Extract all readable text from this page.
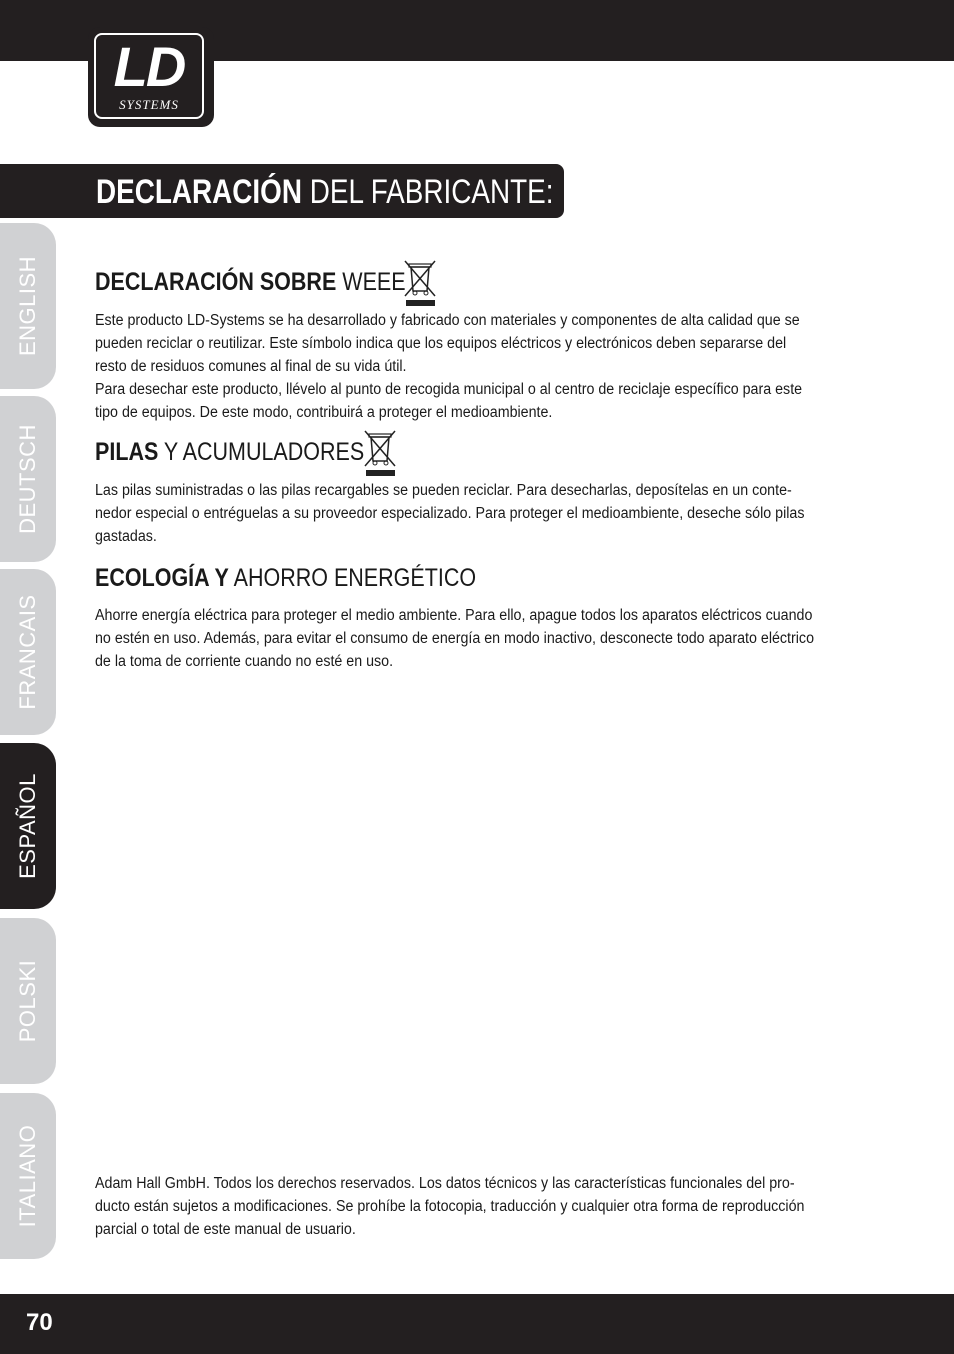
LD
SYSTEMS
DECLARACIÓN DEL FABRICANTE:
ENGLISH
DEUTSCH
FRANCAIS
ESPAÑOL
POLSKI
ITALIANO
DECLARACIÓN SOBRE WEEE

Este producto LD-Systems se ha desarrollado y fabricado con materiales y componentes de alta calidad que se

pueden reciclar o reutilizar. Este símbolo indica que los equipos eléctricos y electrónicos deben separarse del

resto de residuos comunes al final de su vida útil.

Para desechar este producto, llévelo al punto de recogida municipal o al centro de reciclaje específico para este

tipo de equipos. De este modo, contribuirá a proteger el medioambiente.

PILAS Y ACUMULADORES

Las pilas suministradas o las pilas recargables se pueden reciclar. Para desecharlas, deposítelas en un conte-

nedor especial o entréguelas a su proveedor especializado. Para proteger el medioambiente, deseche sólo pilas

gastadas.

ECOLOGÍA Y AHORRO ENERGÉTICO

Ahorre energía eléctrica para proteger el medio ambiente. Para ello, apague todos los aparatos eléctricos cuando

no estén en uso. Además, para evitar el consumo de energía en modo inactivo, desconecte todo aparato eléctrico

de la toma de corriente cuando no esté en uso.

Adam Hall GmbH. Todos los derechos reservados. Los datos técnicos y las características funcionales del pro-

ducto están sujetos a modificaciones. Se prohíbe la fotocopia, traducción y cualquier otra forma de reproducción

parcial o total de este manual de usuario.

70
